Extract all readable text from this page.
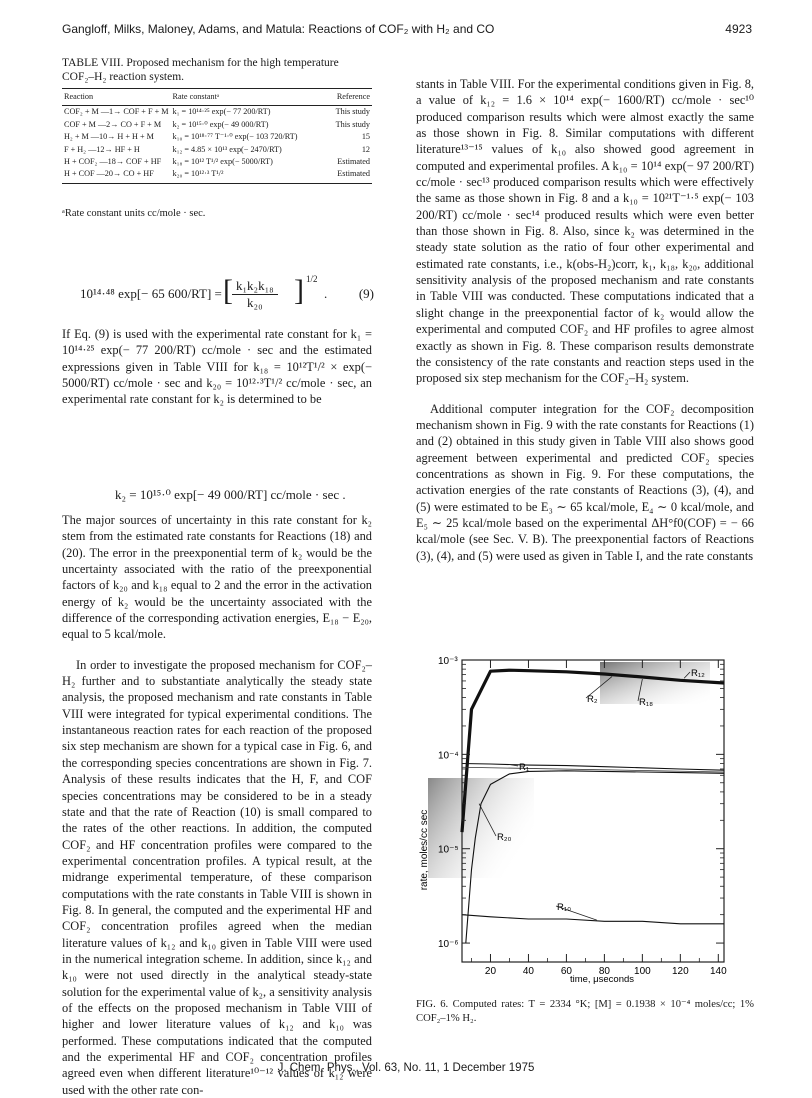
Gangloff, Milks, Maloney, Adams, and Matula: Reactions of COF₂ with H₂ and CO	4923
TABLE VIII. Proposed mechanism for the high temperature COF₂–H₂ reaction system.
Reaction	Rate constantᵃ	Reference
COF₂ + M —1→ COF + F + M	k₁ = 10¹⁴·²⁵ exp(− 77 200/RT)	This study
COF + M —2→ CO + F + M	k₂ = 10¹⁵·⁰ exp(− 49 000/RT)	This study
H₂ + M —10→ H + H + M	k₁₀ = 10¹⁸·⁷⁷ T⁻¹·⁰ exp(− 103 720/RT)	15
F + H₂ —12→ HF + H	k₁₂ = 4.85 × 10¹³ exp(− 2470/RT)	12
H + COF₂ —18→ COF + HF	k₁₈ = 10¹² T¹/² exp(− 5000/RT)	Estimated
H + COF —20→ CO + HF	k₂₀ = 10¹²·³ T¹/²	Estimated
ᵃRate constant units cc/mole · sec.
10¹⁴·⁴⁸ exp[− 65 600/RT] = [ $\frac{\text{k₁k₂k₁₈}}{\text{k₂₀}}$ ] 1/2
. (9)

If Eq. (9) is used with the experimental rate constant for k₁ = 10¹⁴·²⁵ exp(− 77 200/RT) cc/mole · sec and the estimated expressions given in Table VIII for k₁₈ = 10¹²T¹/² × exp(− 5000/RT) cc/mole · sec and k₂₀ = 10¹²·³T¹/² cc/mole · sec, an experimental rate constant for k₂ is determined to be

k₂ = 10¹⁵·⁰ exp[− 49 000/RT] cc/mole · sec .

The major sources of uncertainty in this rate constant for k₂ stem from the estimated rate constants for Reactions (18) and (20). The error in the preexponential term of k₂ would be the uncertainty associated with the ratio of the preexponential factors of k₂₀ and k₁₈ equal to 2 and the error in the activation energy of k₂ would be the uncertainty associated with the difference of the corresponding activation energies, E₁₈ − E₂₀, equal to 5 kcal/mole.

In order to investigate the proposed mechanism for COF₂–H₂ further and to substantiate analytically the steady state analysis, the proposed mechanism and rate constants in Table VIII were integrated for typical experimental conditions. The instantaneous reaction rates for each reaction of the proposed six step mechanism are shown for a typical case in Fig. 6, and the corresponding species concentrations are shown in Fig. 7. Analysis of these results indicates that the H, F, and COF species concentrations may be considered to be in a steady state and that the rate of Reaction (10) is small compared to the rates of the other reactions. In addition, the computed COF₂ and HF concentration profiles were compared to the experimental concentration profiles. A typical result, at the midrange experimental temperature, of these comparison computations with the rate constants in Table VIII is shown in Fig. 8. In general, the computed and the experimental HF and COF₂ concentration profiles agreed when the median literature values of k₁₂ and k₁₀ given in Table VIII were used in the numerical integration scheme. In addition, since k₁₂ and k₁₀ were not used directly in the analytical steady-state solution for the experimental value of k₂, a sensitivity analysis of the effects on the proposed mechanism in Table VIII of higher and lower literature values of k₁₂ and k₁₀ was performed. These computations indicated that the computed and the experimental HF and COF₂ concentration profiles agreed even when different literature¹⁰⁻¹² values of k₁₂ were used with the other rate con-

stants in Table VIII. For the experimental conditions given in Fig. 8, a value of k₁₂ = 1.6 × 10¹⁴ exp(− 1600/RT) cc/mole · sec¹⁰ produced comparison results which were almost exactly the same as those shown in Fig. 8. Similar computations with different literature¹³⁻¹⁵ values of k₁₀ also showed good agreement in computed and experimental profiles. A k₁₀ = 10¹⁴ exp(− 97 200/RT) cc/mole · sec¹³ produced comparison results which were effectively the same as those shown in Fig. 8 and a k₁₀ = 10²¹T⁻¹·⁵ exp(− 103 200/RT) cc/mole · sec¹⁴ produced results which were even better than those shown in Fig. 8. Also, since k₂ was determined in the steady state solution as the ratio of four other experimental and estimated rate constants, i.e., k(obs-H₂)corr, k₁, k₁₈, k₂₀, additional sensitivity analysis of the proposed mechanism and rate constants in Table VIII was conducted. These computations indicated that a slight change in the preexponential factor of k₂ would allow the experimental and computed COF₂ and HF profiles to agree almost exactly as shown in Fig. 8. These comparison results demonstrate the consistency of the rate constants and reaction steps used in the proposed six step mechanism for the COF₂–H₂ system.

Additional computer integration for the COF₂ decomposition mechanism shown in Fig. 9 with the rate constants for Reactions (1) and (2) obtained in this study given in Table VIII also shows good agreement between experimental and predicted COF₂ species concentrations as shown in Fig. 9. For these computations, the activation energies of the rate constants of Reactions (3), (4), and (5) were estimated to be E₃ ∼ 65 kcal/mole, E₄ ∼ 0 kcal/mole, and E₅ ∼ 25 kcal/mole based on the experimental ΔH°f0(COF) = − 66 kcal/mole (see Sec. V. B). The preexponential factors of Reactions (3), (4), and (5) were used as given in Table I, and the rate constants

10⁻³
10⁻⁴
10⁻⁵
10⁻⁶
20	40	60	80 100 120 140
R₁₂
R₂	R₁₈
R₁
R₂₀
R₁₀
rate, moles/cc sec
time, μseconds
FIG. 6. Computed rates: T = 2334 °K; [M] = 0.1938 × 10⁻⁴ moles/cc; 1% COF₂–1% H₂.
J. Chem. Phys., Vol. 63, No. 11, 1 December 1975
